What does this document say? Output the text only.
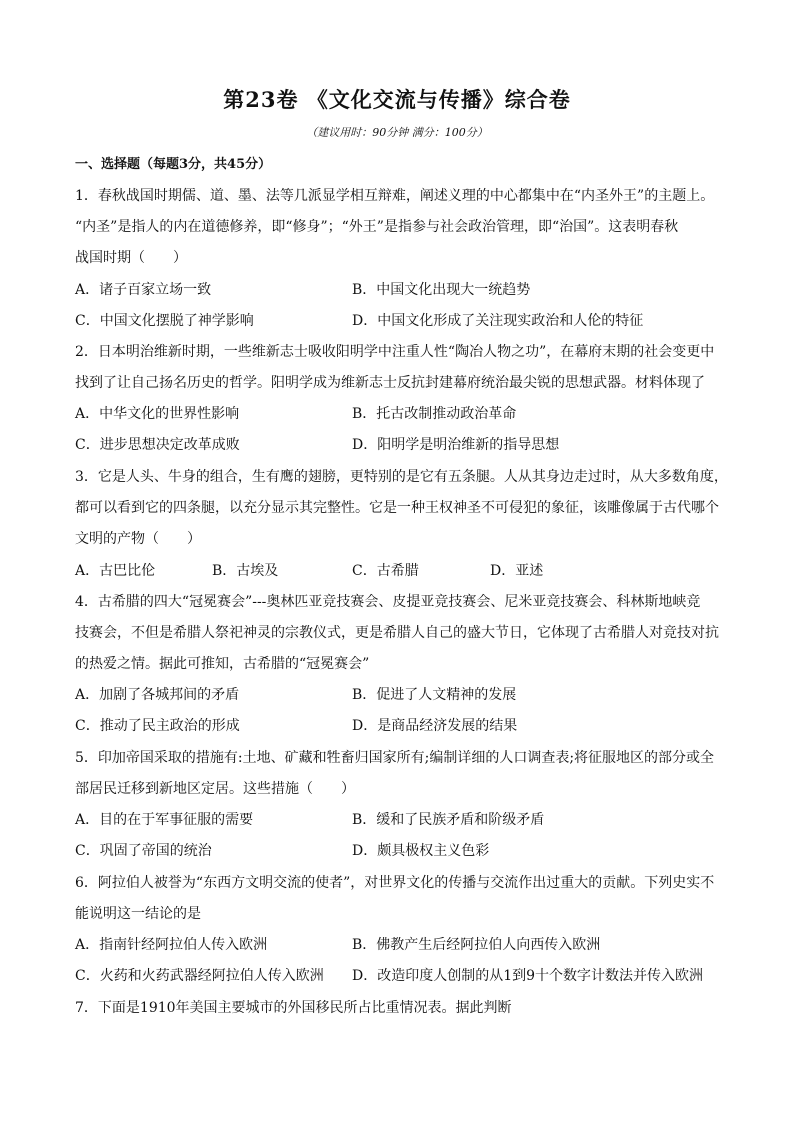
第23卷 《文化交流与传播》综合卷
（建议用时：90分钟 满分：100分）
一、选择题（每题3分，共45分）
1．春秋战国时期儒、道、墨、法等几派显学相互辩难，阐述义理的中心都集中在“内圣外王”的主题上。
“内圣”是指人的内在道德修养，即“修身”；“外王”是指参与社会政治管理，即“治国”。这表明春秋
战国时期（　　）
A．诸子百家立场一致	B．中国文化出现大一统趋势
C．中国文化摆脱了神学影响	D．中国文化形成了关注现实政治和人伦的特征
2．日本明治维新时期，一些维新志士吸收阳明学中注重人性“陶冶人物之功”，在幕府末期的社会变更中
找到了让自己扬名历史的哲学。阳明学成为维新志士反抗封建幕府统治最尖锐的思想武器。材料体现了
A．中华文化的世界性影响	B．托古改制推动政治革命
C．进步思想决定改革成败	D．阳明学是明治维新的指导思想
3．它是人头、牛身的组合，生有鹰的翅膀，更特别的是它有五条腿。人从其身边走过时，从大多数角度，
都可以看到它的四条腿，以充分显示其完整性。它是一种王权神圣不可侵犯的象征，该雕像属于古代哪个
文明的产物（　　）
A．古巴比伦	B．古埃及	C．古希腊	D．亚述
4．古希腊的四大“冠冕赛会”---奥林匹亚竞技赛会、皮提亚竞技赛会、尼米亚竞技赛会、科林斯地峡竞
技赛会，不但是希腊人祭祀神灵的宗教仪式，更是希腊人自己的盛大节日，它体现了古希腊人对竞技对抗
的热爱之情。据此可推知，古希腊的“冠冕赛会”
A．加剧了各城邦间的矛盾	B．促进了人文精神的发展
C．推动了民主政治的形成	D．是商品经济发展的结果
5．印加帝国采取的措施有:土地、矿藏和牲畜归国家所有;编制详细的人口调查表;将征服地区的部分或全
部居民迁移到新地区定居。这些措施（　　）
A．目的在于军事征服的需要	B．缓和了民族矛盾和阶级矛盾
C．巩固了帝国的统治	D．颇具极权主义色彩
6．阿拉伯人被誉为“东西方文明交流的使者”，对世界文化的传播与交流作出过重大的贡献。下列史实不
能说明这一结论的是
A．指南针经阿拉伯人传入欧洲	B．佛教产生后经阿拉伯人向西传入欧洲
C．火药和火药武器经阿拉伯人传入欧洲 D．改造印度人创制的从1到9十个数字计数法并传入欧洲
7．下面是1910年美国主要城市的外国移民所占比重情况表。据此判断
